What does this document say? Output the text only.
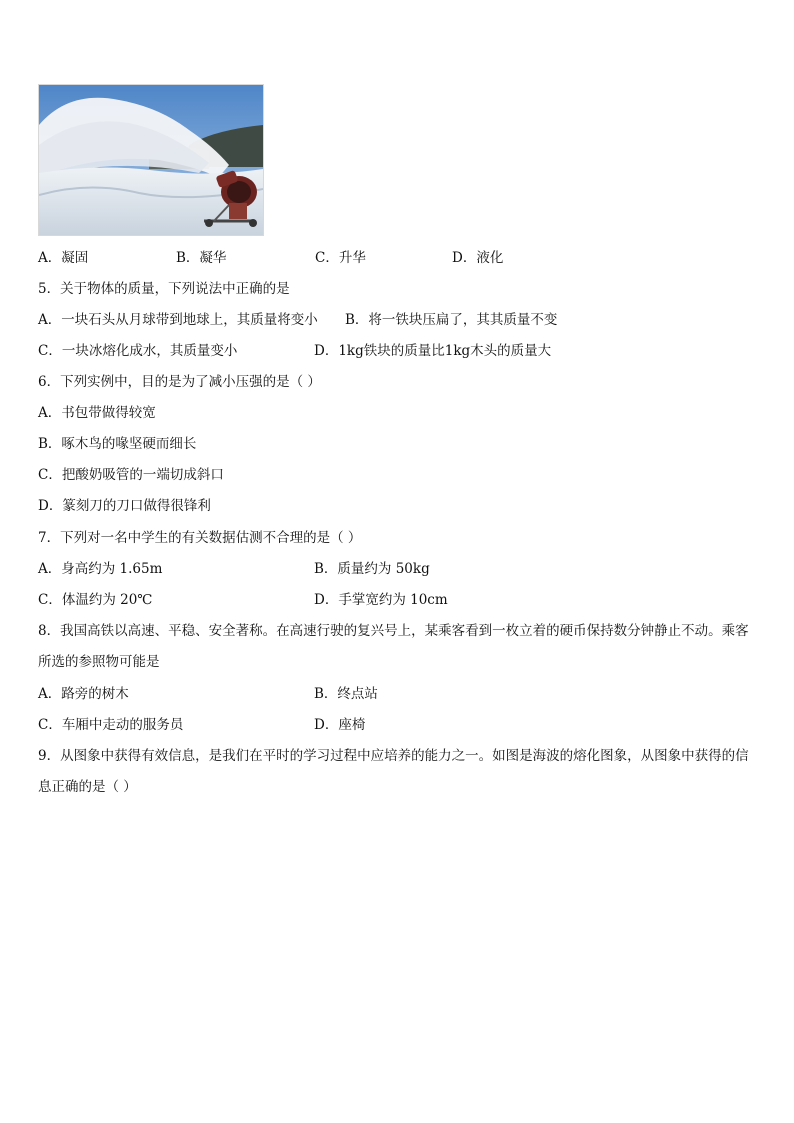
A．凝固	B．凝华	C．升华	D．液化
5．关于物体的质量，下列说法中正确的是
A．一块石头从月球带到地球上，其质量将变小 B．将一铁块压扁了，其其质量不变
C．一块冰熔化成水，其质量变小	D．1kg铁块的质量比1kg木头的质量大
6．下列实例中，目的是为了减小压强的是（ ）
A．书包带做得较宽
B．啄木鸟的喙坚硬而细长
C．把酸奶吸管的一端切成斜口
D．篆刻刀的刀口做得很锋利
7．下列对一名中学生的有关数据估测不合理的是（ ）
A．身高约为 1.65m	B．质量约为 50kg
C．体温约为 20℃	D．手掌宽约为 10cm
8．我国高铁以高速、平稳、安全著称。在高速行驶的复兴号上，某乘客看到一枚立着的硬币保持数分钟静止不动。乘客所选的参照物可能是
A．路旁的树木	B．终点站
C．车厢中走动的服务员	D．座椅
9．从图象中获得有效信息，是我们在平时的学习过程中应培养的能力之一。如图是海波的熔化图象，从图象中获得的信息正确的是（ ）
